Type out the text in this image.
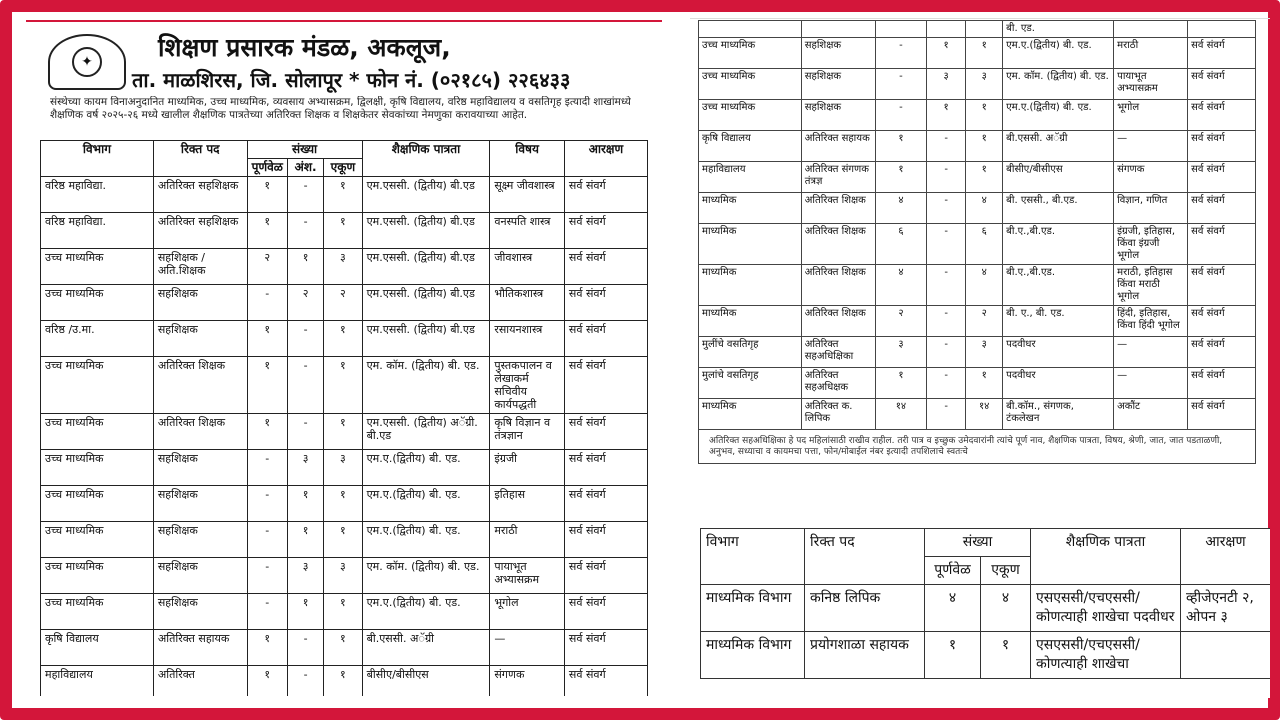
✦	शिक्षण प्रसारक मंडळ, अकलूज,
ता. माळशिरस, जि. सोलापूर * फोन नं. (०२१८५) २२६४३३
संस्थेच्या कायम विनाअनुदानित माध्यमिक, उच्च माध्यमिक, व्यवसाय अभ्यासक्रम, द्विलक्षी, कृषि विद्यालय, वरिष्ठ महाविद्यालय व वसतिगृह इत्यादी शाखांमध्ये शैक्षणिक वर्ष २०२५-२६ मध्ये खालील शैक्षणिक पात्रतेच्या अतिरिक्त शिक्षक व शिक्षकेतर सेवकांच्या नेमणुका करावयाच्या आहेत.
विभाग	रिक्त पद	संख्या			शैक्षणिक पात्रता	विषय	आरक्षण
		पूर्णवेळ	अंश.	एकूण			
वरिष्ठ महाविद्या.	अतिरिक्त सहशिक्षक	१	-	१	एम.एससी. (द्वितीय) बी.एड	सूक्ष्म जीवशास्त्र	सर्व संवर्ग
वरिष्ठ महाविद्या.	अतिरिक्त सहशिक्षक	१	-	१	एम.एससी. (द्वितीय) बी.एड	वनस्पति शास्त्र	सर्व संवर्ग
उच्च माध्यमिक	सहशिक्षक / अति.शिक्षक	२	१	३	एम.एससी. (द्वितीय) बी.एड	जीवशास्त्र	सर्व संवर्ग
उच्च माध्यमिक	सहशिक्षक	-	२	२	एम.एससी. (द्वितीय) बी.एड	भौतिकशास्त्र	सर्व संवर्ग
वरिष्ठ /उ.मा.	सहशिक्षक	१	-	१	एम.एससी. (द्वितीय) बी.एड	रसायनशास्त्र	सर्व संवर्ग
उच्च माध्यमिक	अतिरिक्त शिक्षक	१	-	१	एम. कॉम. (द्वितीय) बी. एड.	पुस्तकपालन व लेखाकर्म सचिवीय कार्यपद्धती	सर्व संवर्ग
उच्च माध्यमिक	अतिरिक्त शिक्षक	१	-	१	एम.एससी. (द्वितीय) अॅग्री. बी.एड	कृषि विज्ञान व तंत्रज्ञान	सर्व संवर्ग
उच्च माध्यमिक	सहशिक्षक	-	३	३	एम.ए.(द्वितीय) बी. एड.	इंग्रजी	सर्व संवर्ग
उच्च माध्यमिक	सहशिक्षक	-	१	१	एम.ए.(द्वितीय) बी. एड.	इतिहास	सर्व संवर्ग
उच्च माध्यमिक	सहशिक्षक	-	१	१	एम.ए.(द्वितीय) बी. एड.	मराठी	सर्व संवर्ग
उच्च माध्यमिक	सहशिक्षक	-	३	३	एम. कॉम. (द्वितीय) बी. एड.	पायाभूत अभ्यासक्रम	सर्व संवर्ग
उच्च माध्यमिक	सहशिक्षक	-	१	१	एम.ए.(द्वितीय) बी. एड.	भूगोल	सर्व संवर्ग
कृषि विद्यालय	अतिरिक्त सहायक	१	-	१	बी.एससी. अॅग्री	—	सर्व संवर्ग
महाविद्यालय	अतिरिक्त	१	-	१	बीसीए/बीसीएस	संगणक	सर्व संवर्ग
					बी. एड.		
उच्च माध्यमिक	सहशिक्षक	-	१	१	एम.ए.(द्वितीय) बी. एड.	मराठी	सर्व संवर्ग
उच्च माध्यमिक	सहशिक्षक	-	३	३	एम. कॉम. (द्वितीय) बी. एड.	पायाभूत अभ्यासक्रम	सर्व संवर्ग
उच्च माध्यमिक	सहशिक्षक	-	१	१	एम.ए.(द्वितीय) बी. एड.	भूगोल	सर्व संवर्ग
कृषि विद्यालय	अतिरिक्त सहायक	१	-	१	बी.एससी. अॅग्री	—	सर्व संवर्ग
महाविद्यालय	अतिरिक्त संगणक तंत्रज्ञ	१	-	१	बीसीए/बीसीएस	संगणक	सर्व संवर्ग
माध्यमिक	अतिरिक्त शिक्षक	४	-	४	बी. एससी., बी.एड.	विज्ञान, गणित	सर्व संवर्ग
माध्यमिक	अतिरिक्त शिक्षक	६	-	६	बी.ए.,बी.एड.	इंग्रजी, इतिहास, किंवा इंग्रजी भूगोल	सर्व संवर्ग
माध्यमिक	अतिरिक्त शिक्षक	४	-	४	बी.ए.,बी.एड.	मराठी, इतिहास किंवा मराठी भूगोल	सर्व संवर्ग
माध्यमिक	अतिरिक्त शिक्षक	२	-	२	बी. ए., बी. एड.	हिंदी, इतिहास, किंवा हिंदी भूगोल	सर्व संवर्ग
मुलींचे वसतिगृह	अतिरिक्त सहअधिक्षिका	३	-	३	पदवीधर	—	सर्व संवर्ग
मुलांचे वसतिगृह	अतिरिक्त सहअधिक्षक	१	-	१	पदवीधर	—	सर्व संवर्ग
माध्यमिक	अतिरिक्त क. लिपिक	१४	-	१४	बी.कॉम., संगणक, टंकलेखन	अकौंट	सर्व संवर्ग
अतिरिक्त सहअधिक्षिका हे पद महिलांसाठी राखीव राहील. तरी पात्र व इच्छुक उमेदवारांनी त्यांचे पूर्ण नाव, शैक्षणिक पात्रता, विषय, श्रेणी, जात, जात पडताळणी, अनुभव, सध्याचा व कायमचा पत्ता, फोन/मोबाईल नंबर इत्यादी तपशिलाचे स्वतःचे
विभाग	रिक्त पद	संख्या		शैक्षणिक पात्रता	आरक्षण
		पूर्णवेळ	एकूण		
माध्यमिक विभाग	कनिष्ठ लिपिक	४	४	एसएससी/एचएससी/ कोणत्याही शाखेचा पदवीधर	व्हीजेएनटी २, ओपन ३
माध्यमिक विभाग	प्रयोगशाळा सहायक	१	१	एसएससी/एचएससी/ कोणत्याही शाखेचा	
